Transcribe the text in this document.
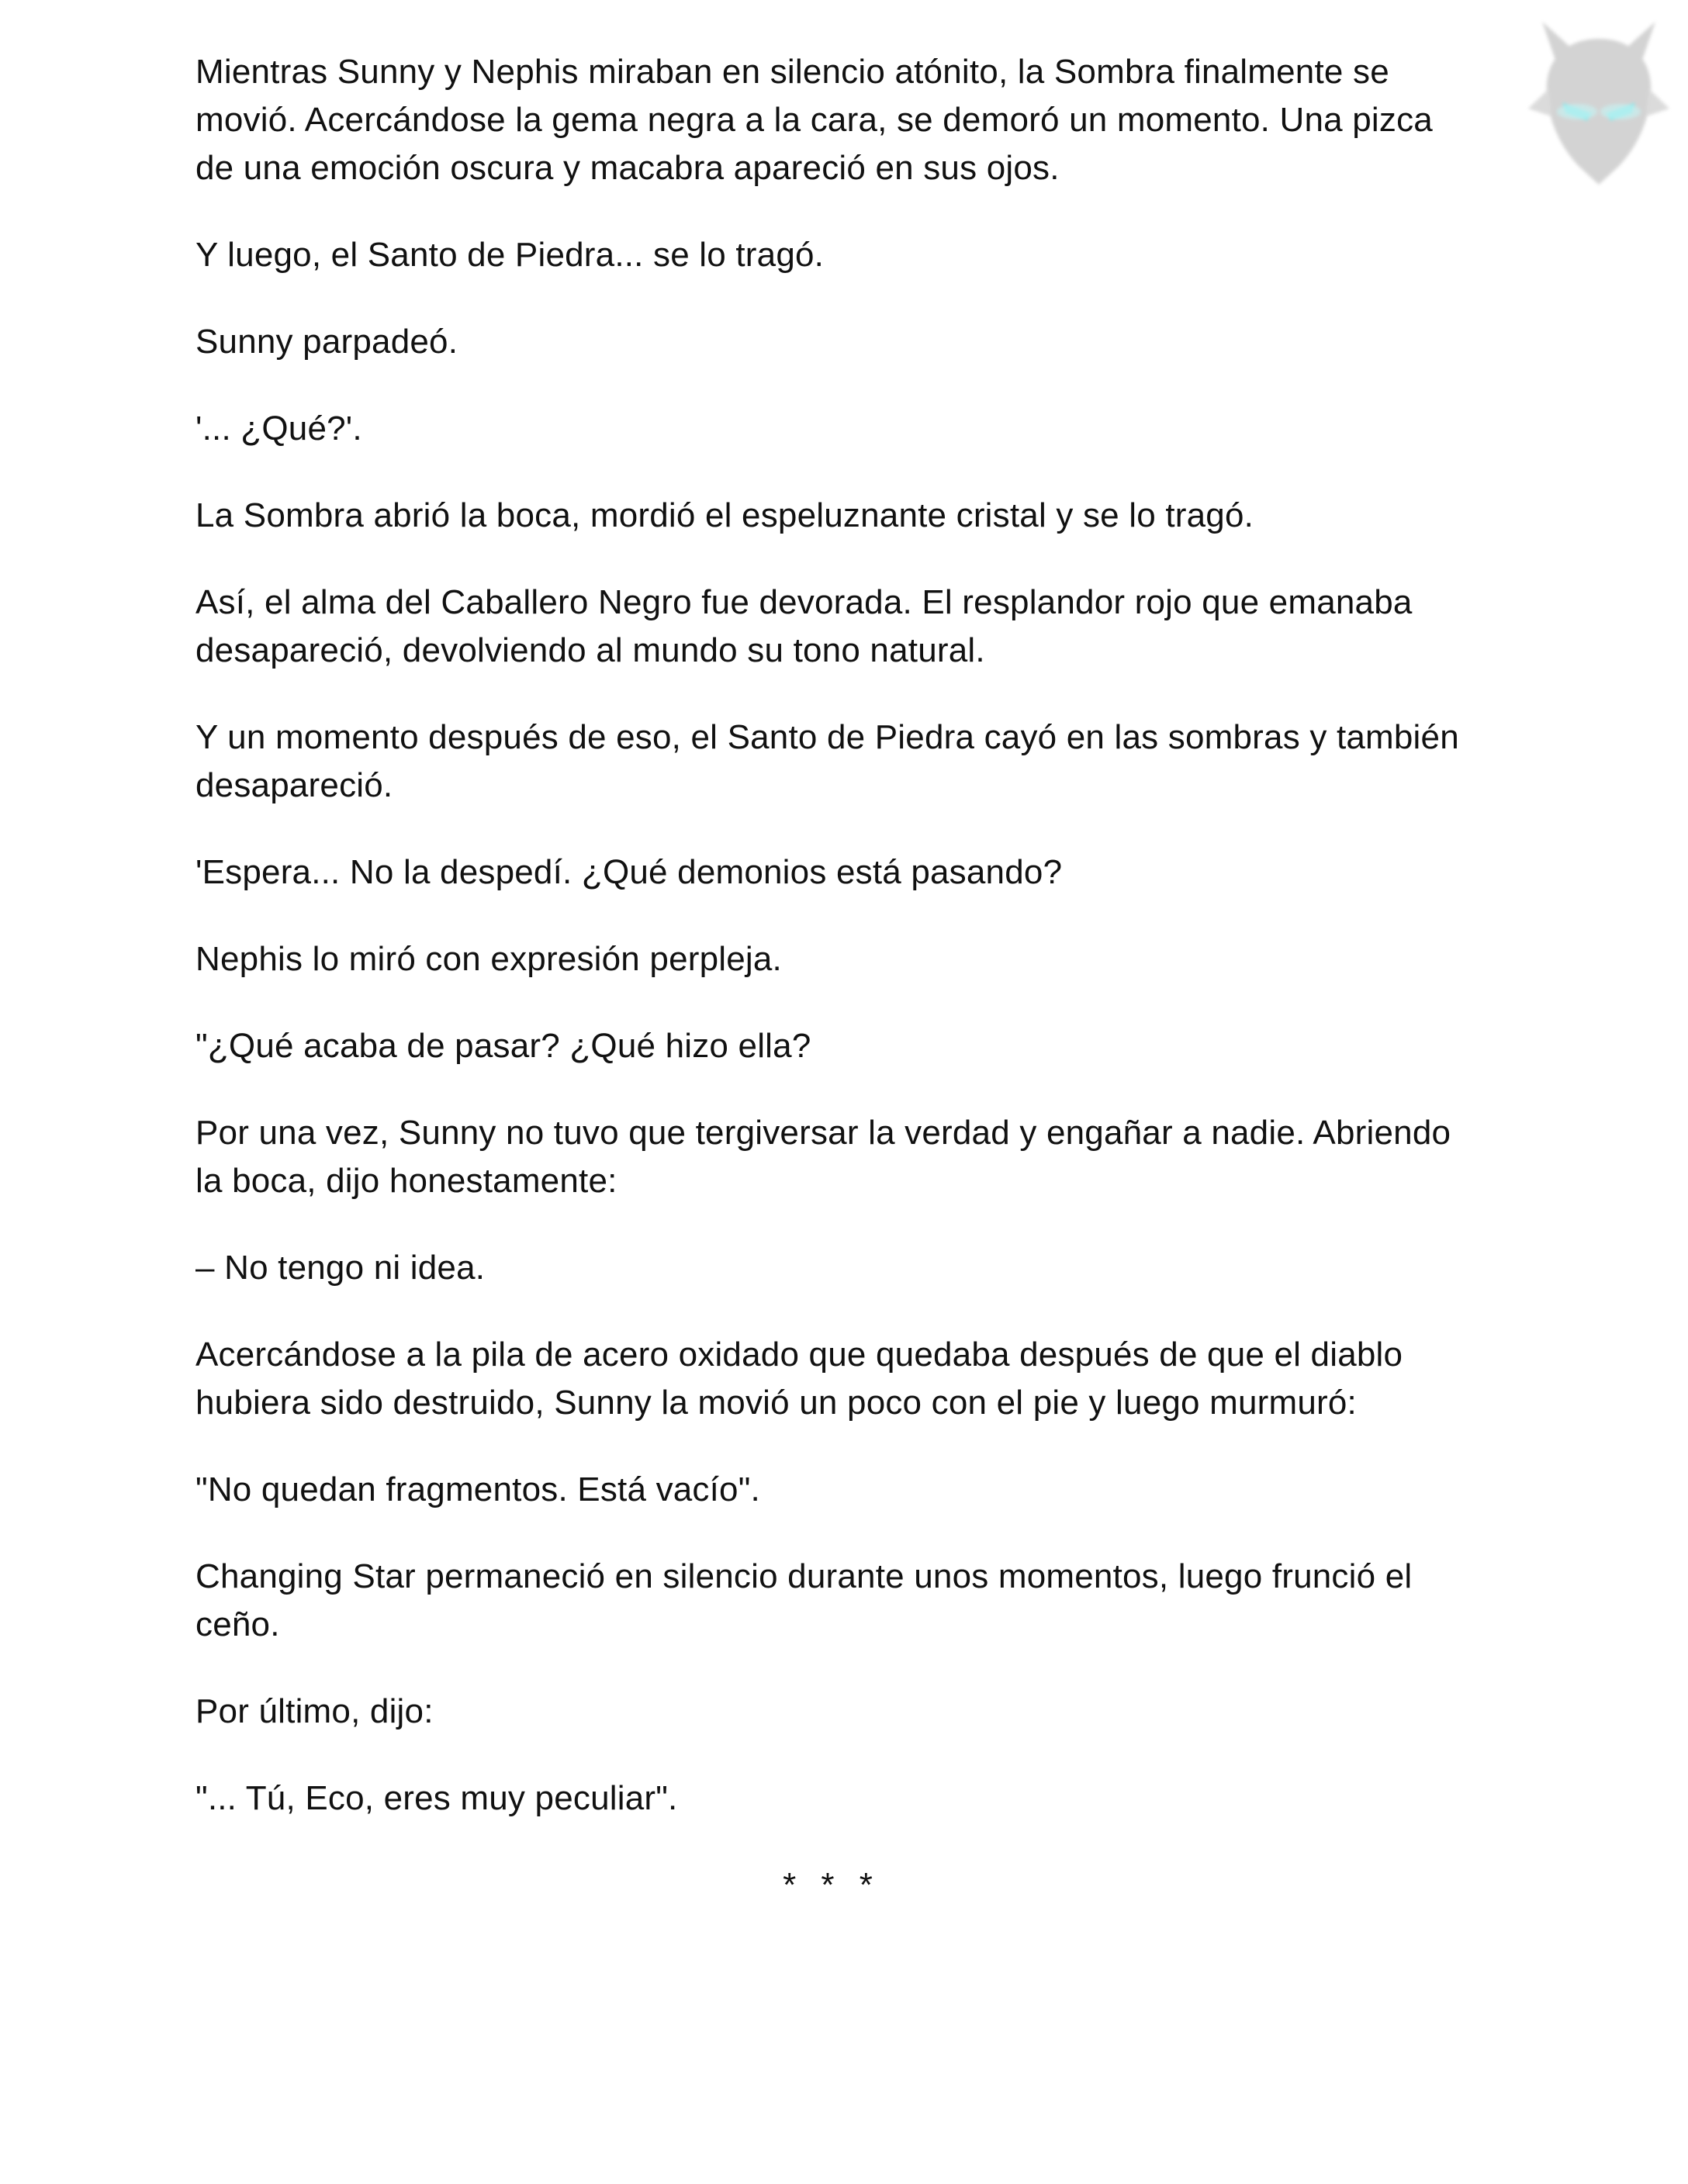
Mientras Sunny y Nephis miraban en silencio atónito, la Sombra finalmente se movió. Acercándose la gema negra a la cara, se demoró un momento. Una pizca de una emoción oscura y macabra apareció en sus ojos.

Y luego, el Santo de Piedra... se lo tragó.

Sunny parpadeó.

'... ¿Qué?'.

La Sombra abrió la boca, mordió el espeluznante cristal y se lo tragó.

Así, el alma del Caballero Negro fue devorada. El resplandor rojo que emanaba desapareció, devolviendo al mundo su tono natural.

Y un momento después de eso, el Santo de Piedra cayó en las sombras y también desapareció.

'Espera... No la despedí. ¿Qué demonios está pasando?

Nephis lo miró con expresión perpleja.

"¿Qué acaba de pasar? ¿Qué hizo ella?

Por una vez, Sunny no tuvo que tergiversar la verdad y engañar a nadie. Abriendo la boca, dijo honestamente:

– No tengo ni idea.

Acercándose a la pila de acero oxidado que quedaba después de que el diablo hubiera sido destruido, Sunny la movió un poco con el pie y luego murmuró:

"No quedan fragmentos. Está vacío".

Changing Star permaneció en silencio durante unos momentos, luego frunció el ceño.

Por último, dijo:

"... Tú, Eco, eres muy peculiar".

* * *
